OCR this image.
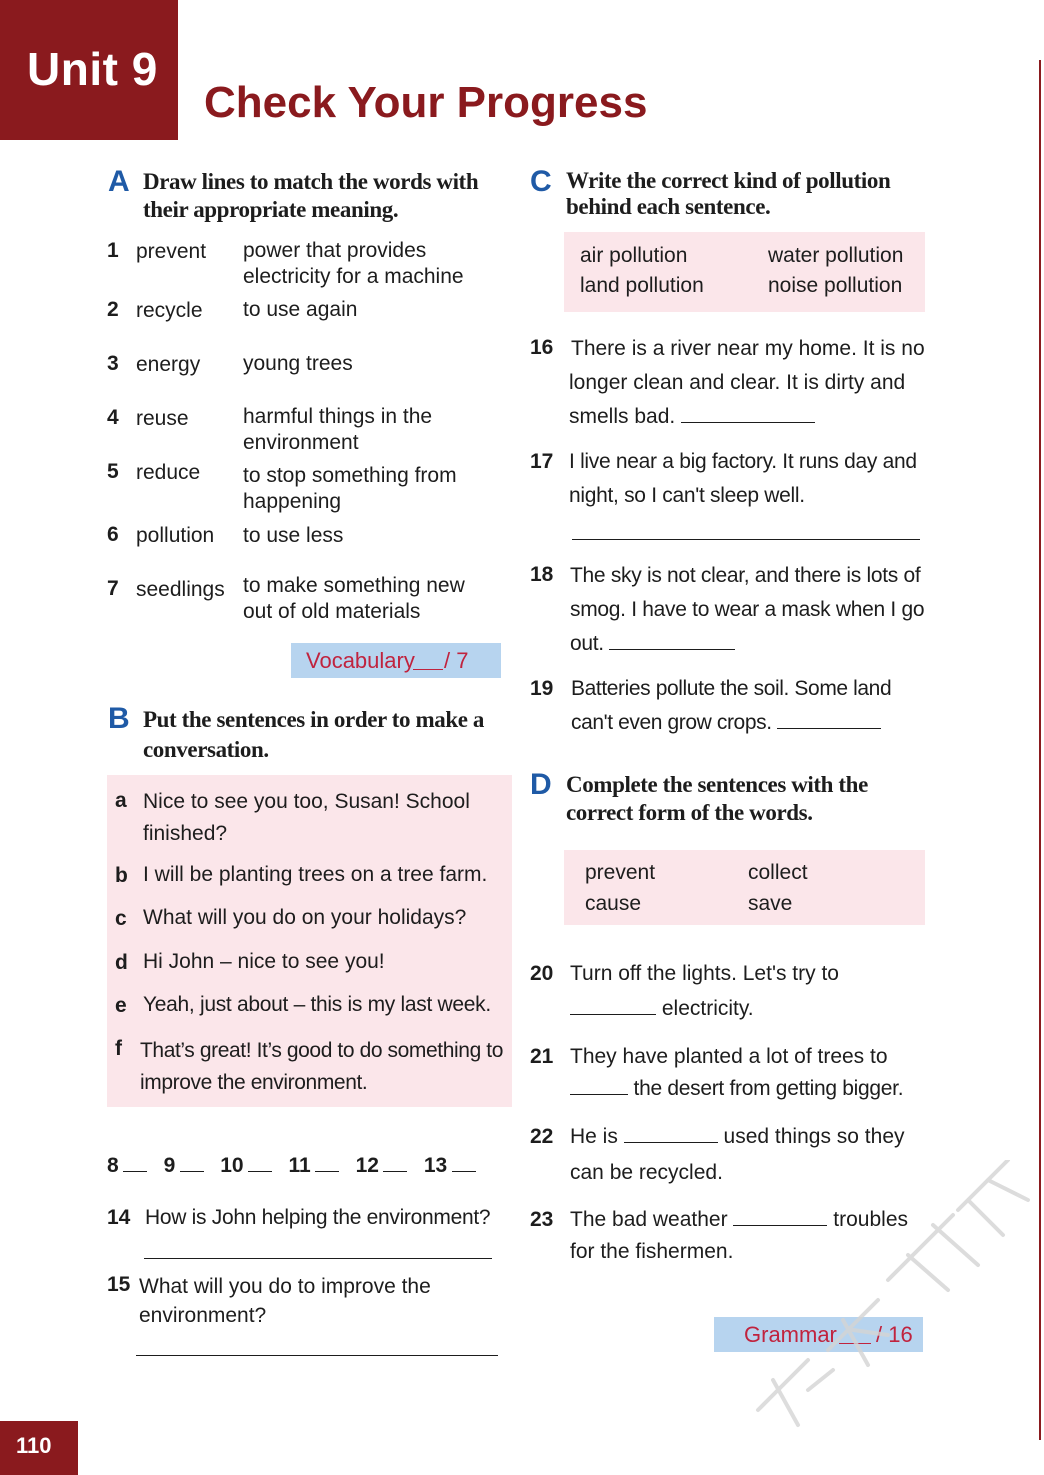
Unit 9
Check Your Progress
A Draw lines to match the words with their appropriate meaning.
1 prevent power that provides electricity for a machine
2 recycle to use again
3 energy young trees
4 reuse	harmful things in the environment
5 reduce to stop something from happening
6 pollution to use less
7 seedlings to make something new out of old materials
Vocabulary / 7
B Put the sentences in order to make a conversation.
a Nice to see you too, Susan! School finished?
b I will be planting trees on a tree farm.
c What will you do on your holidays?
d Hi John – nice to see you!
e Yeah, just about – this is my last week.
f That’s great! It’s good to do something to improve the environment.
8 9 10 11 12 13
14 How is John helping the environment?
15 What will you do to improve the environment?
C Write the correct kind of pollution behind each sentence.
air pollution	water pollution
land pollution	noise pollution
16 There is a river near my home. It is no longer clean and clear. It is dirty and smells bad.
17 I live near a big factory. It runs day and night, so I can't sleep well.
18 The sky is not clear, and there is lots of smog. I have to wear a mask when I go out.
19 Batteries pollute the soil. Some land can't even grow crops.
D Complete the sentences with the correct form of the words.
prevent	collect
cause	save
20 Turn off the lights. Let's try to
electricity.
21 They have planted a lot of trees to
the desert from getting bigger.
22 He is	used things so they
can be recycled.
23 The bad weather	troubles
for the fishermen.
Grammar / 16
110
